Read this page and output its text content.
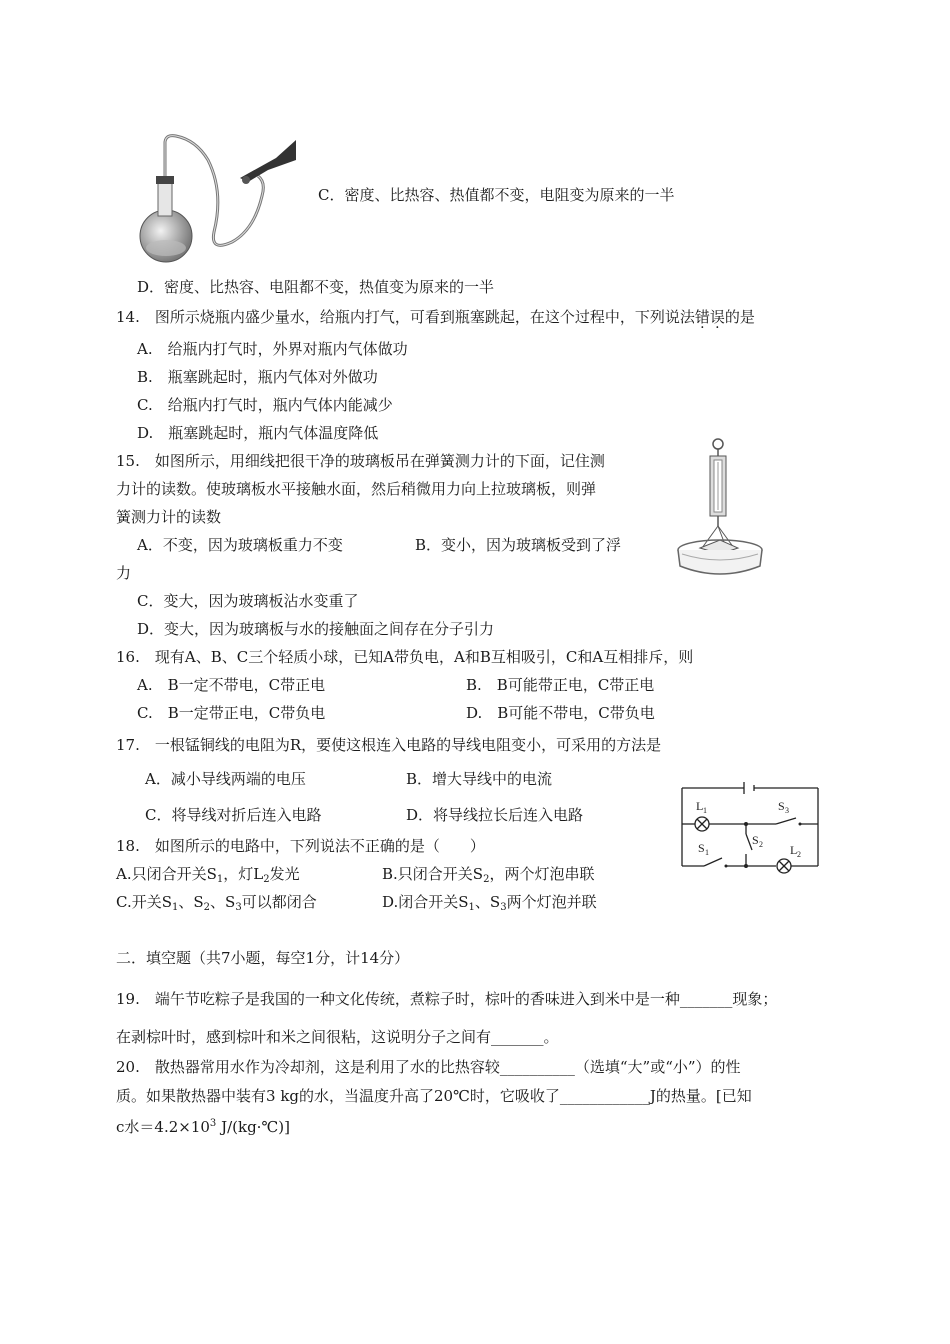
C．密度、比热容、热值都不变，电阻变为原来的一半
D．密度、比热容、电阻都不变，热值变为原来的一半
14.　图所示烧瓶内盛少量水，给瓶内打气，可看到瓶塞跳起，在这个过程中，下列说法错误的是
A.　给瓶内打气时，外界对瓶内气体做功
B.　瓶塞跳起时，瓶内气体对外做功
C.　给瓶内打气时，瓶内气体内能减少
D.　瓶塞跳起时，瓶内气体温度降低
15.　如图所示，用细线把很干净的玻璃板吊在弹簧测力计的下面，记住测
力计的读数。使玻璃板水平接触水面，然后稍微用力向上拉玻璃板，则弹
簧测力计的读数
A．不变，因为玻璃板重力不变	B．变小，因为玻璃板受到了浮
力
C．变大，因为玻璃板沾水变重了
D．变大，因为玻璃板与水的接触面之间存在分子引力
16.　现有A、B、C三个轻质小球，已知A带负电，A和B互相吸引，C和A互相排斥，则
A.　B一定不带电，C带正电	B.　B可能带正电，C带正电
C.　B一定带正电，C带负电	D.　B可能不带电，C带负电
17.　一根锰铜线的电阻为R，要使这根连入电路的导线电阻变小，可采用的方法是
A．减小导线两端的电压	B．增大导线中的电流
C．将导线对折后连入电路	D．将导线拉长后连入电路	L 1	S 3
S 1
S 2 L 2
18.　如图所示的电路中，下列说法不正确的是（　　）
A.只闭合开关$S_1$，灯$L_2$发光	B.只闭合开关$S_2$，两个灯泡串联
C.开关$S_1$、$S_2$、$S_3$可以都闭合	D.闭合开关$S_1$、$S_3$两个灯泡并联
二．填空题（共7小题，每空1分，计14分）
19.　端午节吃粽子是我国的一种文化传统，煮粽子时，棕叶的香味进入到米中是一种_______现象；
在剥棕叶时，感到棕叶和米之间很粘，这说明分子之间有_______。
20.　散热器常用水作为冷却剂，这是利用了水的比热容较__________（选填“大”或“小”）的性
质。如果散热器中装有3 kg的水，当温度升高了20℃时，它吸收了____________J的热量。[已知
c水$=4.2\times 10^3$ J/(kg·℃)]
